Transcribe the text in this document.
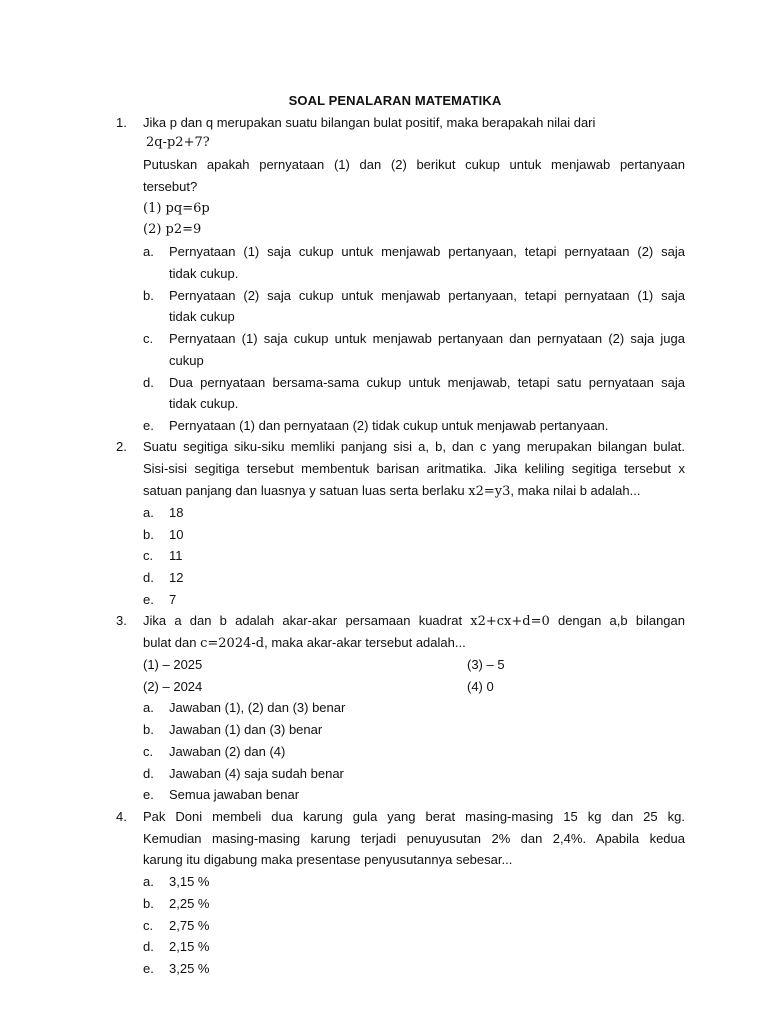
SOAL PENALARAN MATEMATIKA
1. Jika p dan q merupakan suatu bilangan bulat positif, maka berapakah nilai dari
2q-p2+7?
Putuskan apakah pernyataan (1) dan (2) berikut cukup untuk menjawab pertanyaan
tersebut?
(1) pq=6p
(2) p2=9
a. Pernyataan (1) saja cukup untuk menjawab pertanyaan, tetapi pernyataan (2) saja
tidak cukup.
b. Pernyataan (2) saja cukup untuk menjawab pertanyaan, tetapi pernyataan (1) saja
tidak cukup
c. Pernyataan (1) saja cukup untuk menjawab pertanyaan dan pernyataan (2) saja juga
cukup
d. Dua pernyataan bersama-sama cukup untuk menjawab, tetapi satu pernyataan saja
tidak cukup.
e. Pernyataan (1) dan pernyataan (2) tidak cukup untuk menjawab pertanyaan.
2. Suatu segitiga siku-siku memliki panjang sisi a, b, dan c yang merupakan bilangan bulat.
Sisi-sisi segitiga tersebut membentuk barisan aritmatika. Jika keliling segitiga tersebut x
satuan panjang dan luasnya y satuan luas serta berlaku x2=y3, maka nilai b adalah...
a. 18
b. 10
c. 11
d. 12
e. 7
3. Jika a dan b adalah akar-akar persamaan kuadrat x2+cx+d=0 dengan a,b bilangan
bulat dan c=2024-d, maka akar-akar tersebut adalah...
(1) – 2025	(3) – 5
(2) – 2024	(4) 0
a. Jawaban (1), (2) dan (3) benar
b. Jawaban (1) dan (3) benar
c. Jawaban (2) dan (4)
d. Jawaban (4) saja sudah benar
e. Semua jawaban benar
4. Pak Doni membeli dua karung gula yang berat masing-masing 15 kg dan 25 kg.
Kemudian masing-masing karung terjadi penuyusutan 2% dan 2,4%. Apabila kedua
karung itu digabung maka presentase penyusutannya sebesar...
a. 3,15 %
b. 2,25 %
c. 2,75 %
d. 2,15 %
e. 3,25 %
